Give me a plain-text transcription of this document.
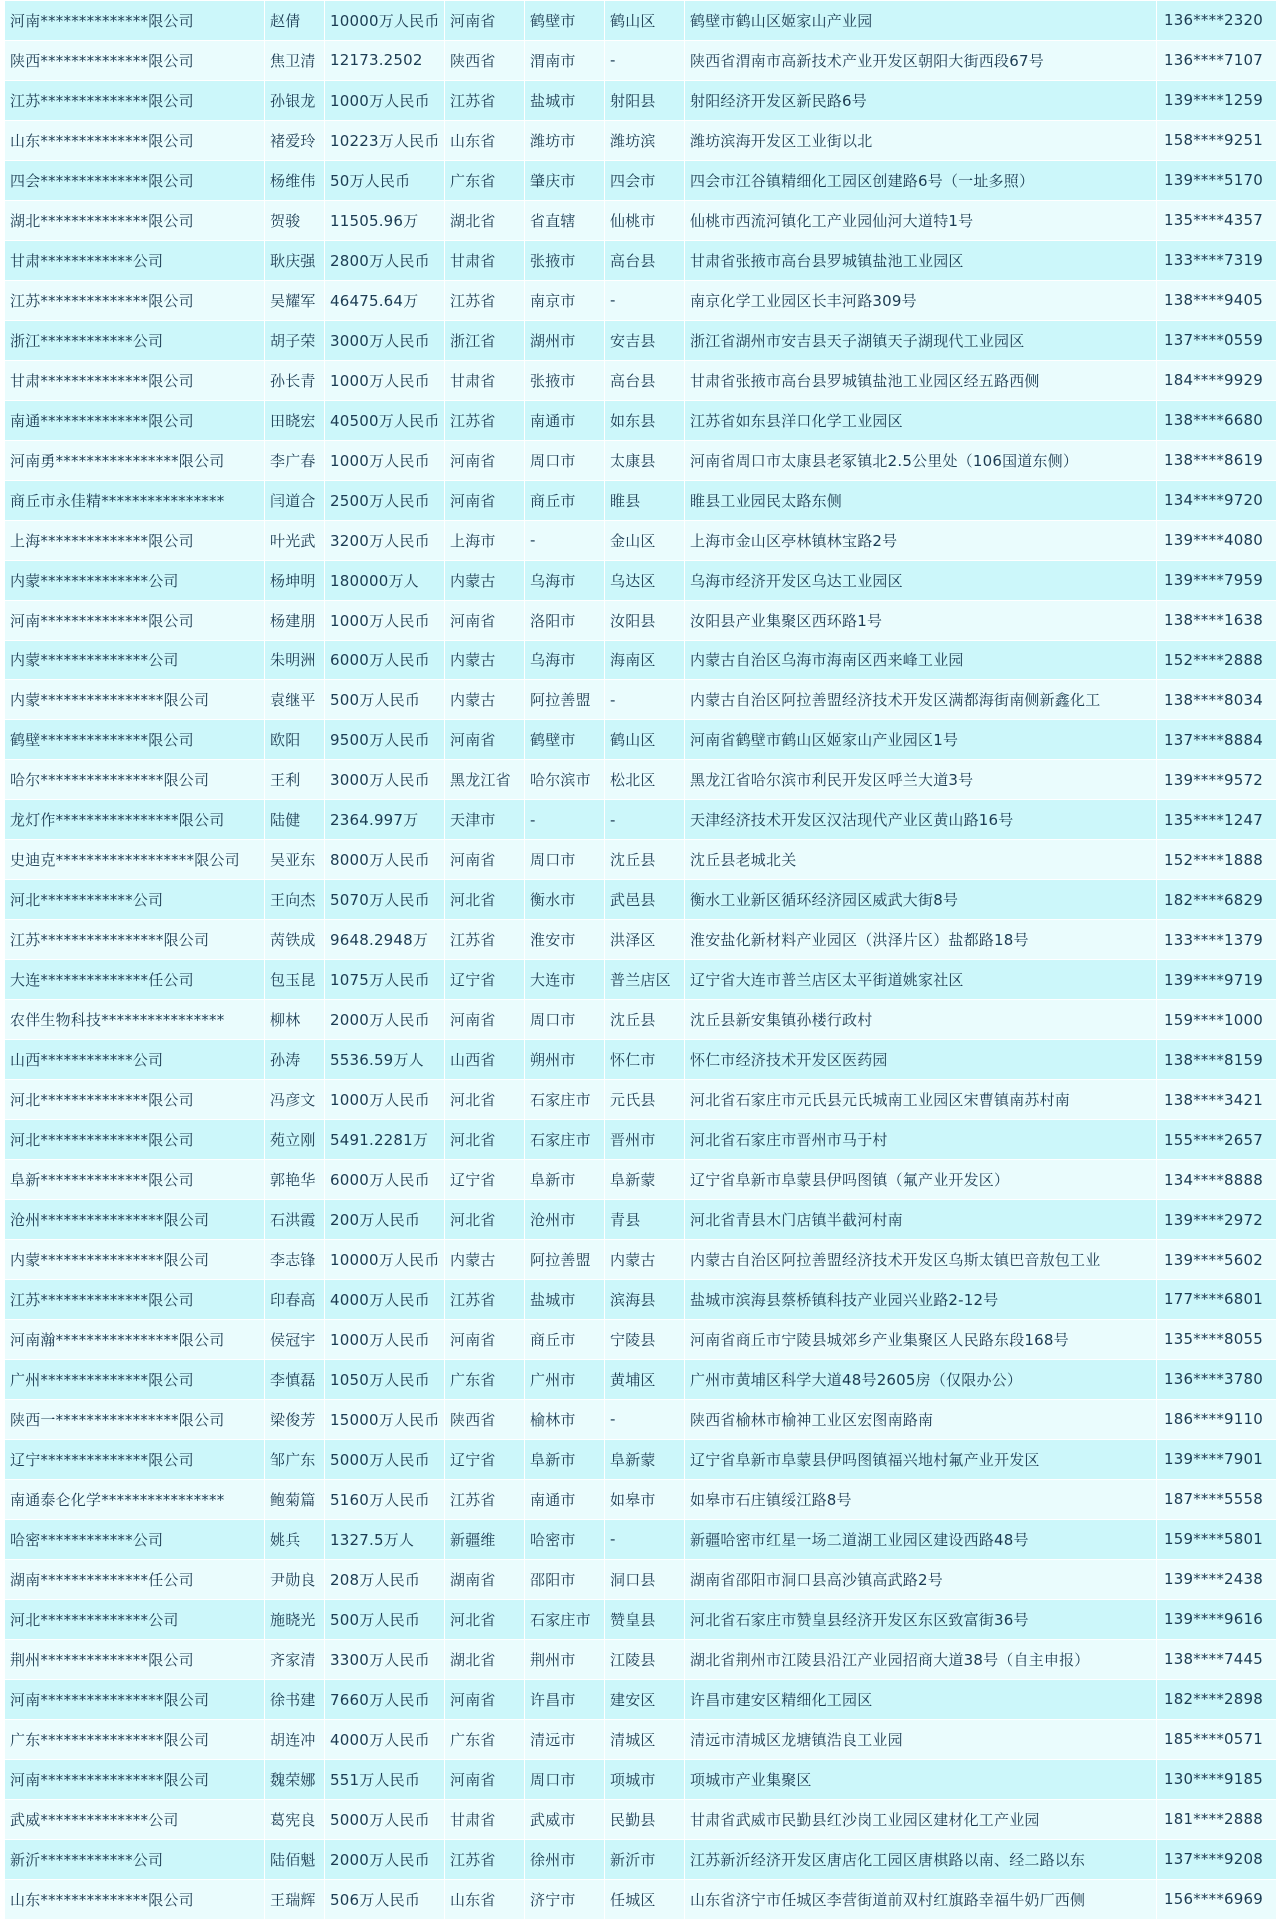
河南**************限公司	赵倩	10000万人民币	河南省	鹤壁市	鹤山区	鹤壁市鹤山区姬家山产业园	136****2320
陕西**************限公司	焦卫清	12173.2502	陕西省	渭南市	-	陕西省渭南市高新技术产业开发区朝阳大街西段67号	136****7107
江苏**************限公司	孙银龙	1000万人民币	江苏省	盐城市	射阳县	射阳经济开发区新民路6号	139****1259
山东**************限公司	褚爱玲	10223万人民币	山东省	潍坊市	潍坊滨	潍坊滨海开发区工业街以北	158****9251
四会**************限公司	杨维伟	50万人民币	广东省	肇庆市	四会市	四会市江谷镇精细化工园区创建路6号（一址多照）	139****5170
湖北**************限公司	贺骏	11505.96万	湖北省	省直辖	仙桃市	仙桃市西流河镇化工产业园仙河大道特1号	135****4357
甘肃************公司	耿庆强	2800万人民币	甘肃省	张掖市	高台县	甘肃省张掖市高台县罗城镇盐池工业园区	133****7319
江苏**************限公司	吴耀军	46475.64万	江苏省	南京市	-	南京化学工业园区长丰河路309号	138****9405
浙江************公司	胡子荣	3000万人民币	浙江省	湖州市	安吉县	浙江省湖州市安吉县天子湖镇天子湖现代工业园区	137****0559
甘肃**************限公司	孙长青	1000万人民币	甘肃省	张掖市	高台县	甘肃省张掖市高台县罗城镇盐池工业园区经五路西侧	184****9929
南通**************限公司	田晓宏	40500万人民币	江苏省	南通市	如东县	江苏省如东县洋口化学工业园区	138****6680
河南勇****************限公司	李广春	1000万人民币	河南省	周口市	太康县	河南省周口市太康县老冢镇北2.5公里处（106国道东侧）	138****8619
商丘市永佳精****************	闫道合	2500万人民币	河南省	商丘市	睢县	睢县工业园民太路东侧	134****9720
上海**************限公司	叶光武	3200万人民币	上海市	-	金山区	上海市金山区亭林镇林宝路2号	139****4080
内蒙**************公司	杨坤明	180000万人	内蒙古	乌海市	乌达区	乌海市经济开发区乌达工业园区	139****7959
河南**************限公司	杨建朋	1000万人民币	河南省	洛阳市	汝阳县	汝阳县产业集聚区西环路1号	138****1638
内蒙**************公司	朱明洲	6000万人民币	内蒙古	乌海市	海南区	内蒙古自治区乌海市海南区西来峰工业园	152****2888
内蒙****************限公司	袁继平	500万人民币	内蒙古	阿拉善盟	-	内蒙古自治区阿拉善盟经济技术开发区满都海街南侧新鑫化工	138****8034
鹤壁**************限公司	欧阳	9500万人民币	河南省	鹤壁市	鹤山区	河南省鹤壁市鹤山区姬家山产业园区1号	137****8884
哈尔****************限公司	王利	3000万人民币	黑龙江省	哈尔滨市	松北区	黑龙江省哈尔滨市利民开发区呼兰大道3号	139****9572
龙灯作****************限公司	陆健	2364.997万	天津市	-	-	天津经济技术开发区汉沽现代产业区黄山路16号	135****1247
史迪克******************限公司	吴亚东	8000万人民币	河南省	周口市	沈丘县	沈丘县老城北关	152****1888
河北************公司	王向杰	5070万人民币	河北省	衡水市	武邑县	衡水工业新区循环经济园区威武大街8号	182****6829
江苏****************限公司	苪铁成	9648.2948万	江苏省	淮安市	洪泽区	淮安盐化新材料产业园区（洪泽片区）盐都路18号	133****1379
大连**************任公司	包玉昆	1075万人民币	辽宁省	大连市	普兰店区	辽宁省大连市普兰店区太平街道姚家社区	139****9719
农伴生物科技****************	柳林	2000万人民币	河南省	周口市	沈丘县	沈丘县新安集镇孙楼行政村	159****1000
山西************公司	孙涛	5536.59万人	山西省	朔州市	怀仁市	怀仁市经济技术开发区医药园	138****8159
河北**************限公司	冯彦文	1000万人民币	河北省	石家庄市	元氏县	河北省石家庄市元氏县元氏城南工业园区宋曹镇南苏村南	138****3421
河北**************限公司	苑立刚	5491.2281万	河北省	石家庄市	晋州市	河北省石家庄市晋州市马于村	155****2657
阜新**************限公司	郭艳华	6000万人民币	辽宁省	阜新市	阜新蒙	辽宁省阜新市阜蒙县伊吗图镇（氟产业开发区）	134****8888
沧州****************限公司	石洪霞	200万人民币	河北省	沧州市	青县	河北省青县木门店镇半截河村南	139****2972
内蒙****************限公司	李志锋	10000万人民币	内蒙古	阿拉善盟	内蒙古	内蒙古自治区阿拉善盟经济技术开发区乌斯太镇巴音敖包工业	139****5602
江苏**************限公司	印春高	4000万人民币	江苏省	盐城市	滨海县	盐城市滨海县蔡桥镇科技产业园兴业路2-12号	177****6801
河南瀚****************限公司	侯冠宇	1000万人民币	河南省	商丘市	宁陵县	河南省商丘市宁陵县城郊乡产业集聚区人民路东段168号	135****8055
广州**************限公司	李慎磊	1050万人民币	广东省	广州市	黄埔区	广州市黄埔区科学大道48号2605房（仅限办公）	136****3780
陕西一****************限公司	梁俊芳	15000万人民币	陕西省	榆林市	-	陕西省榆林市榆神工业区宏图南路南	186****9110
辽宁**************限公司	邹广东	5000万人民币	辽宁省	阜新市	阜新蒙	辽宁省阜新市阜蒙县伊吗图镇福兴地村氟产业开发区	139****7901
南通泰仑化学****************	鲍菊篇	5160万人民币	江苏省	南通市	如皋市	如皋市石庄镇绥江路8号	187****5558
哈密************公司	姚兵	1327.5万人	新疆维	哈密市	-	新疆哈密市红星一场二道湖工业园区建设西路48号	159****5801
湖南**************任公司	尹勋良	208万人民币	湖南省	邵阳市	洞口县	湖南省邵阳市洞口县高沙镇高武路2号	139****2438
河北**************公司	施晓光	500万人民币	河北省	石家庄市	赞皇县	河北省石家庄市赞皇县经济开发区东区致富街36号	139****9616
荆州**************限公司	齐家清	3300万人民币	湖北省	荆州市	江陵县	湖北省荆州市江陵县沿江产业园招商大道38号（自主申报）	138****7445
河南****************限公司	徐书建	7660万人民币	河南省	许昌市	建安区	许昌市建安区精细化工园区	182****2898
广东****************限公司	胡连冲	4000万人民币	广东省	清远市	清城区	清远市清城区龙塘镇浩良工业园	185****0571
河南****************限公司	魏荣娜	551万人民币	河南省	周口市	项城市	项城市产业集聚区	130****9185
武威**************公司	葛宪良	5000万人民币	甘肃省	武威市	民勤县	甘肃省武威市民勤县红沙岗工业园区建材化工产业园	181****2888
新沂************公司	陆佰魁	2000万人民币	江苏省	徐州市	新沂市	江苏新沂经济开发区唐店化工园区唐棋路以南、经二路以东	137****9208
山东**************限公司	王瑞辉	506万人民币	山东省	济宁市	任城区	山东省济宁市任城区李营街道前双村红旗路幸福牛奶厂西侧	156****6969
